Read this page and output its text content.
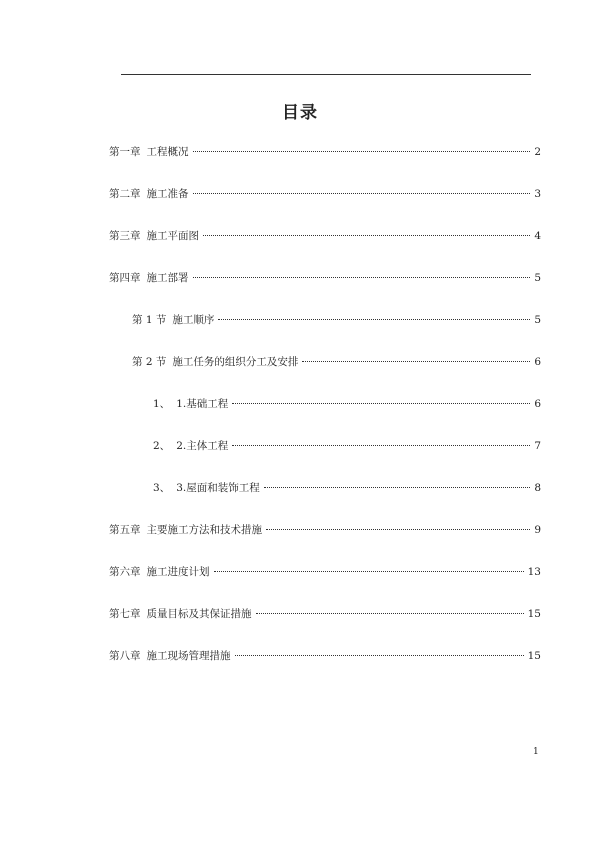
目录
第一章 工程概况	2
第二章 施工准备	3
第三章 施工平面图	4
第四章 施工部署	5
第 1 节 施工顺序	5
第 2 节 施工任务的组织分工及安排	6
1、 1.基础工程	6
2、 2.主体工程	7
3、 3.屋面和装饰工程	8
第五章 主要施工方法和技术措施	9
第六章 施工进度计划	13
第七章 质量目标及其保证措施	15
第八章 施工现场管理措施	15
1
